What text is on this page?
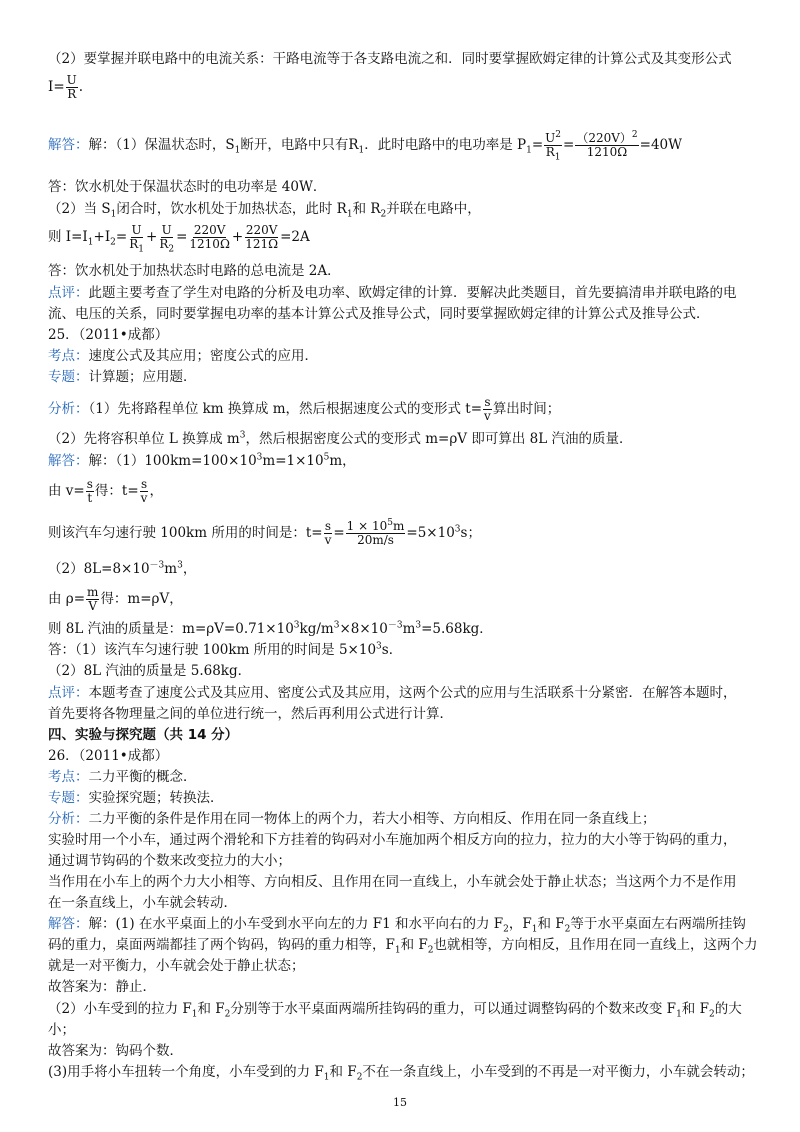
（2）要掌握并联电路中的电流关系：干路电流等于各支路电流之和．同时要掌握欧姆定律的计算公式及其变形公式
$I= \frac{U}{R}$ .
解答：解：（1）保温状态时，$S_1$断开，电路中只有$R_1$．此时电路中的电功率是 $P_1= \frac{U^2}{R_1} = \frac{(220V)^2}{1210\Omega} =40W$
答：饮水机处于保温状态时的电功率是 40W．
（2）当 $S_1$闭合时，饮水机处于加热状态，此时 $R_1$和 $R_2$并联在电路中，
则 $I=I_1+I_2= \frac{U}{R_1} + \frac{U}{R_2} = \frac{220V}{1210\Omega} + \frac{220V}{121\Omega} =2A$
答：饮水机处于加热状态时电路的总电流是 2A．
点评：此题主要考查了学生对电路的分析及电功率、欧姆定律的计算．要解决此类题目，首先要搞清串并联电路的电
流、电压的关系，同时要掌握电功率的基本计算公式及推导公式，同时要掌握欧姆定律的计算公式及推导公式．
25．（2011•成都）
考点：速度公式及其应用；密度公式的应用．
专题：计算题；应用题．
分析：（1）先将路程单位 km 换算成 m，然后根据速度公式的变形式 $t= \frac{s}{v}$ 算出时间；
（2）先将容积单位 L 换算成 $m^3$，然后根据密度公式的变形式 m=ρV 即可算出 8L 汽油的质量．
解答：解：$(1)100km=100\times 10^3m=1\times 10^5m$，
由 $v= \frac{s}{t}$ 得：$t= \frac{s}{v}$ ，
则该汽车匀速行驶 100km 所用的时间是：$t= \frac{s}{v} = \frac{1 \times 10^5m}{20m/s} =5\times 10^3s$；
$(2)8L=8\times 10^{-3}m^3$，
由 $\rho= \frac{m}{V}$ 得：m=ρV，
则 8L 汽油的质量是：$m=\rho V=0.71\times 10^3kg/m^3\times 8\times 10^{-3}m^3=5.68kg$．
答：（1）该汽车匀速行驶 100km 所用的时间是 $5\times 10^3s$．
（2）8L 汽油的质量是 5.68kg．
点评：本题考查了速度公式及其应用、密度公式及其应用，这两个公式的应用与生活联系十分紧密．在解答本题时，
首先要将各物理量之间的单位进行统一，然后再利用公式进行计算．
四、实验与探究题（共 14 分）
26．（2011•成都）
考点：二力平衡的概念．
专题：实验探究题；转换法．
分析：二力平衡的条件是作用在同一物体上的两个力，若大小相等、方向相反、作用在同一条直线上；
实验时用一个小车，通过两个滑轮和下方挂着的钩码对小车施加两个相反方向的拉力，拉力的大小等于钩码的重力，
通过调节钩码的个数来改变拉力的大小；
当作用在小车上的两个力大小相等、方向相反、且作用在同一直线上，小车就会处于静止状态；当这两个力不是作用
在一条直线上，小车就会转动．
解答：解：(1) 在水平桌面上的小车受到水平向左的力 F1 和水平向右的力 $F_2$，$F_1$和 $F_2$等于水平桌面左右两端所挂钩
码的重力，桌面两端都挂了两个钩码，钩码的重力相等，$F_1$和 $F_2$也就相等，方向相反，且作用在同一直线上，这两个力
就是一对平衡力，小车就会处于静止状态；
故答案为：静止．
（2）小车受到的拉力 $F_1$和 $F_2$分别等于水平桌面两端所挂钩码的重力，可以通过调整钩码的个数来改变 $F_1$和 $F_2$的大
小；
故答案为：钩码个数．
(3)用手将小车扭转一个角度，小车受到的力 $F_1$和 $F_2$不在一条直线上，小车受到的不再是一对平衡力，小车就会转动；
15
